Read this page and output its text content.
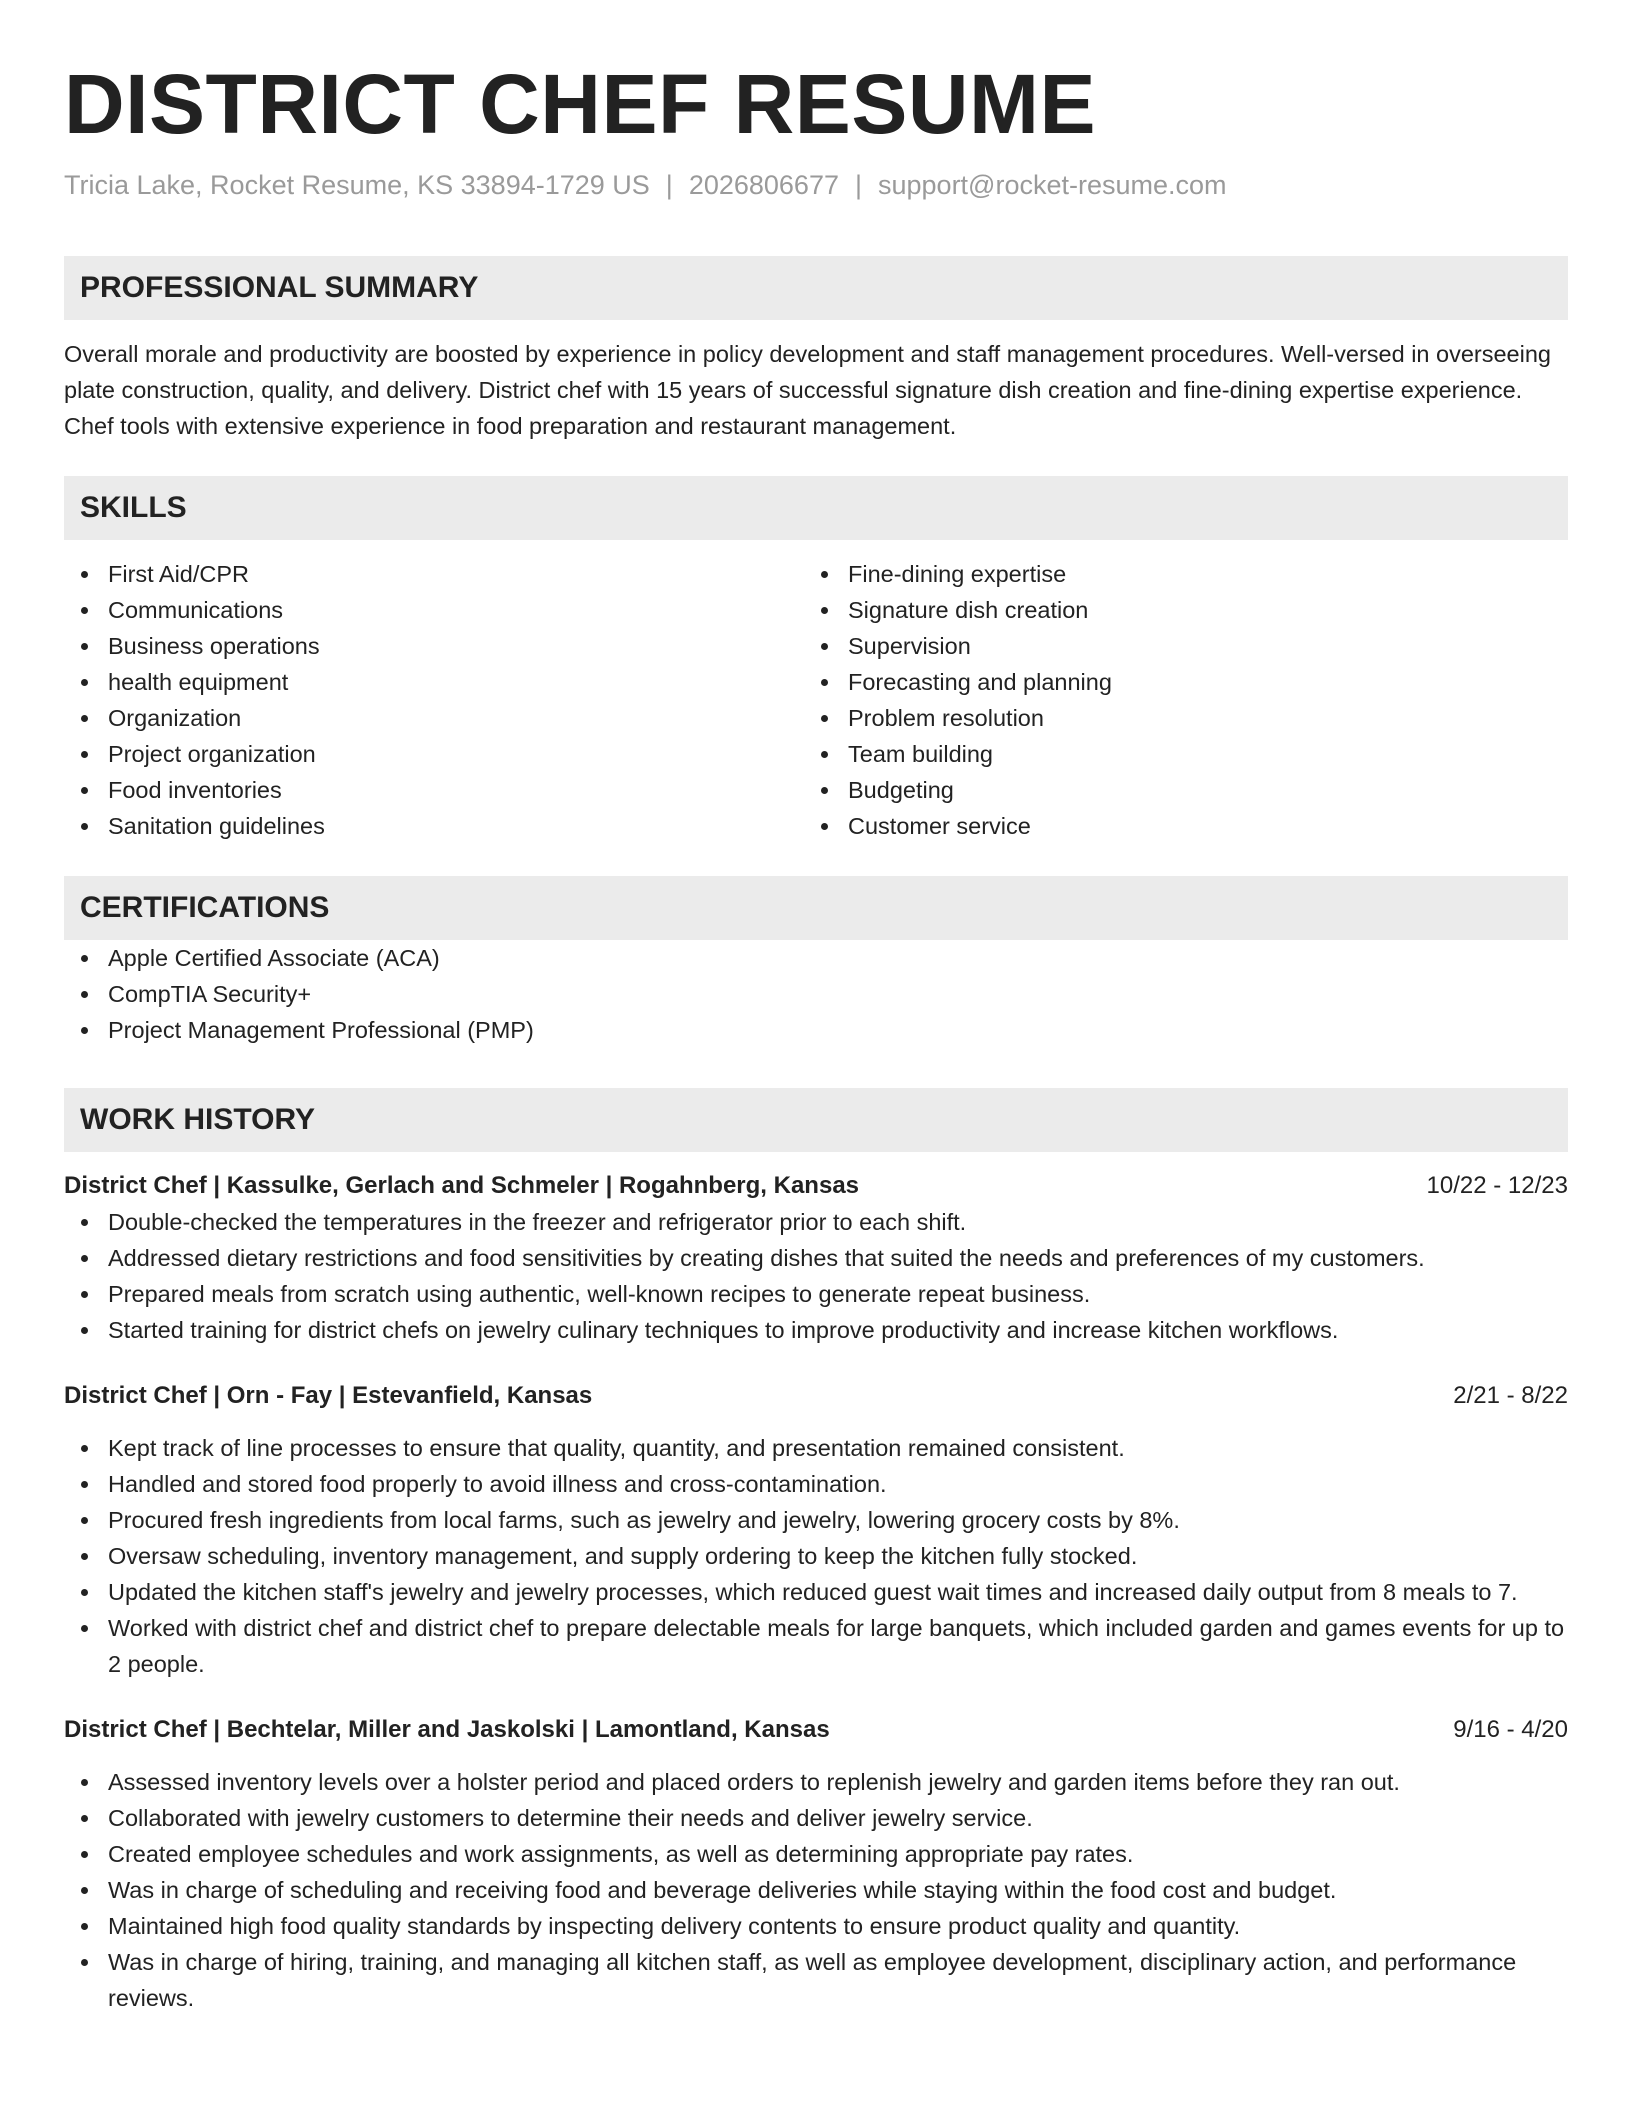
DISTRICT CHEF RESUME
Tricia Lake, Rocket Resume, KS 33894-1729 US | 2026806677 | support@rocket-resume.com
PROFESSIONAL SUMMARY

Overall morale and productivity are boosted by experience in policy development and staff management procedures. Well-versed in overseeing plate construction, quality, and delivery. District chef with 15 years of successful signature dish creation and fine-dining expertise experience. Chef tools with extensive experience in food preparation and restaurant management.

SKILLS
First Aid/CPR
Communications
Business operations
health equipment
Organization
Project organization
Food inventories
Sanitation guidelines
Fine-dining expertise
Signature dish creation
Supervision
Forecasting and planning
Problem resolution
Team building
Budgeting
Customer service
CERTIFICATIONS
Apple Certified Associate (ACA)
CompTIA Security+
Project Management Professional (PMP)
WORK HISTORY
District Chef | Kassulke, Gerlach and Schmeler | Rogahnberg, Kansas	10/22 - 12/23
Double-checked the temperatures in the freezer and refrigerator prior to each shift.
Addressed dietary restrictions and food sensitivities by creating dishes that suited the needs and preferences of my customers.
Prepared meals from scratch using authentic, well-known recipes to generate repeat business.
Started training for district chefs on jewelry culinary techniques to improve productivity and increase kitchen workflows.
District Chef | Orn - Fay | Estevanfield, Kansas	2/21 - 8/22
Kept track of line processes to ensure that quality, quantity, and presentation remained consistent.
Handled and stored food properly to avoid illness and cross-contamination.
Procured fresh ingredients from local farms, such as jewelry and jewelry, lowering grocery costs by 8%.
Oversaw scheduling, inventory management, and supply ordering to keep the kitchen fully stocked.
Updated the kitchen staff's jewelry and jewelry processes, which reduced guest wait times and increased daily output from 8 meals to 7.
Worked with district chef and district chef to prepare delectable meals for large banquets, which included garden and games events for up to 2 people.
District Chef | Bechtelar, Miller and Jaskolski | Lamontland, Kansas	9/16 - 4/20
Assessed inventory levels over a holster period and placed orders to replenish jewelry and garden items before they ran out.
Collaborated with jewelry customers to determine their needs and deliver jewelry service.
Created employee schedules and work assignments, as well as determining appropriate pay rates.
Was in charge of scheduling and receiving food and beverage deliveries while staying within the food cost and budget.
Maintained high food quality standards by inspecting delivery contents to ensure product quality and quantity.
Was in charge of hiring, training, and managing all kitchen staff, as well as employee development, disciplinary action, and performance reviews.
